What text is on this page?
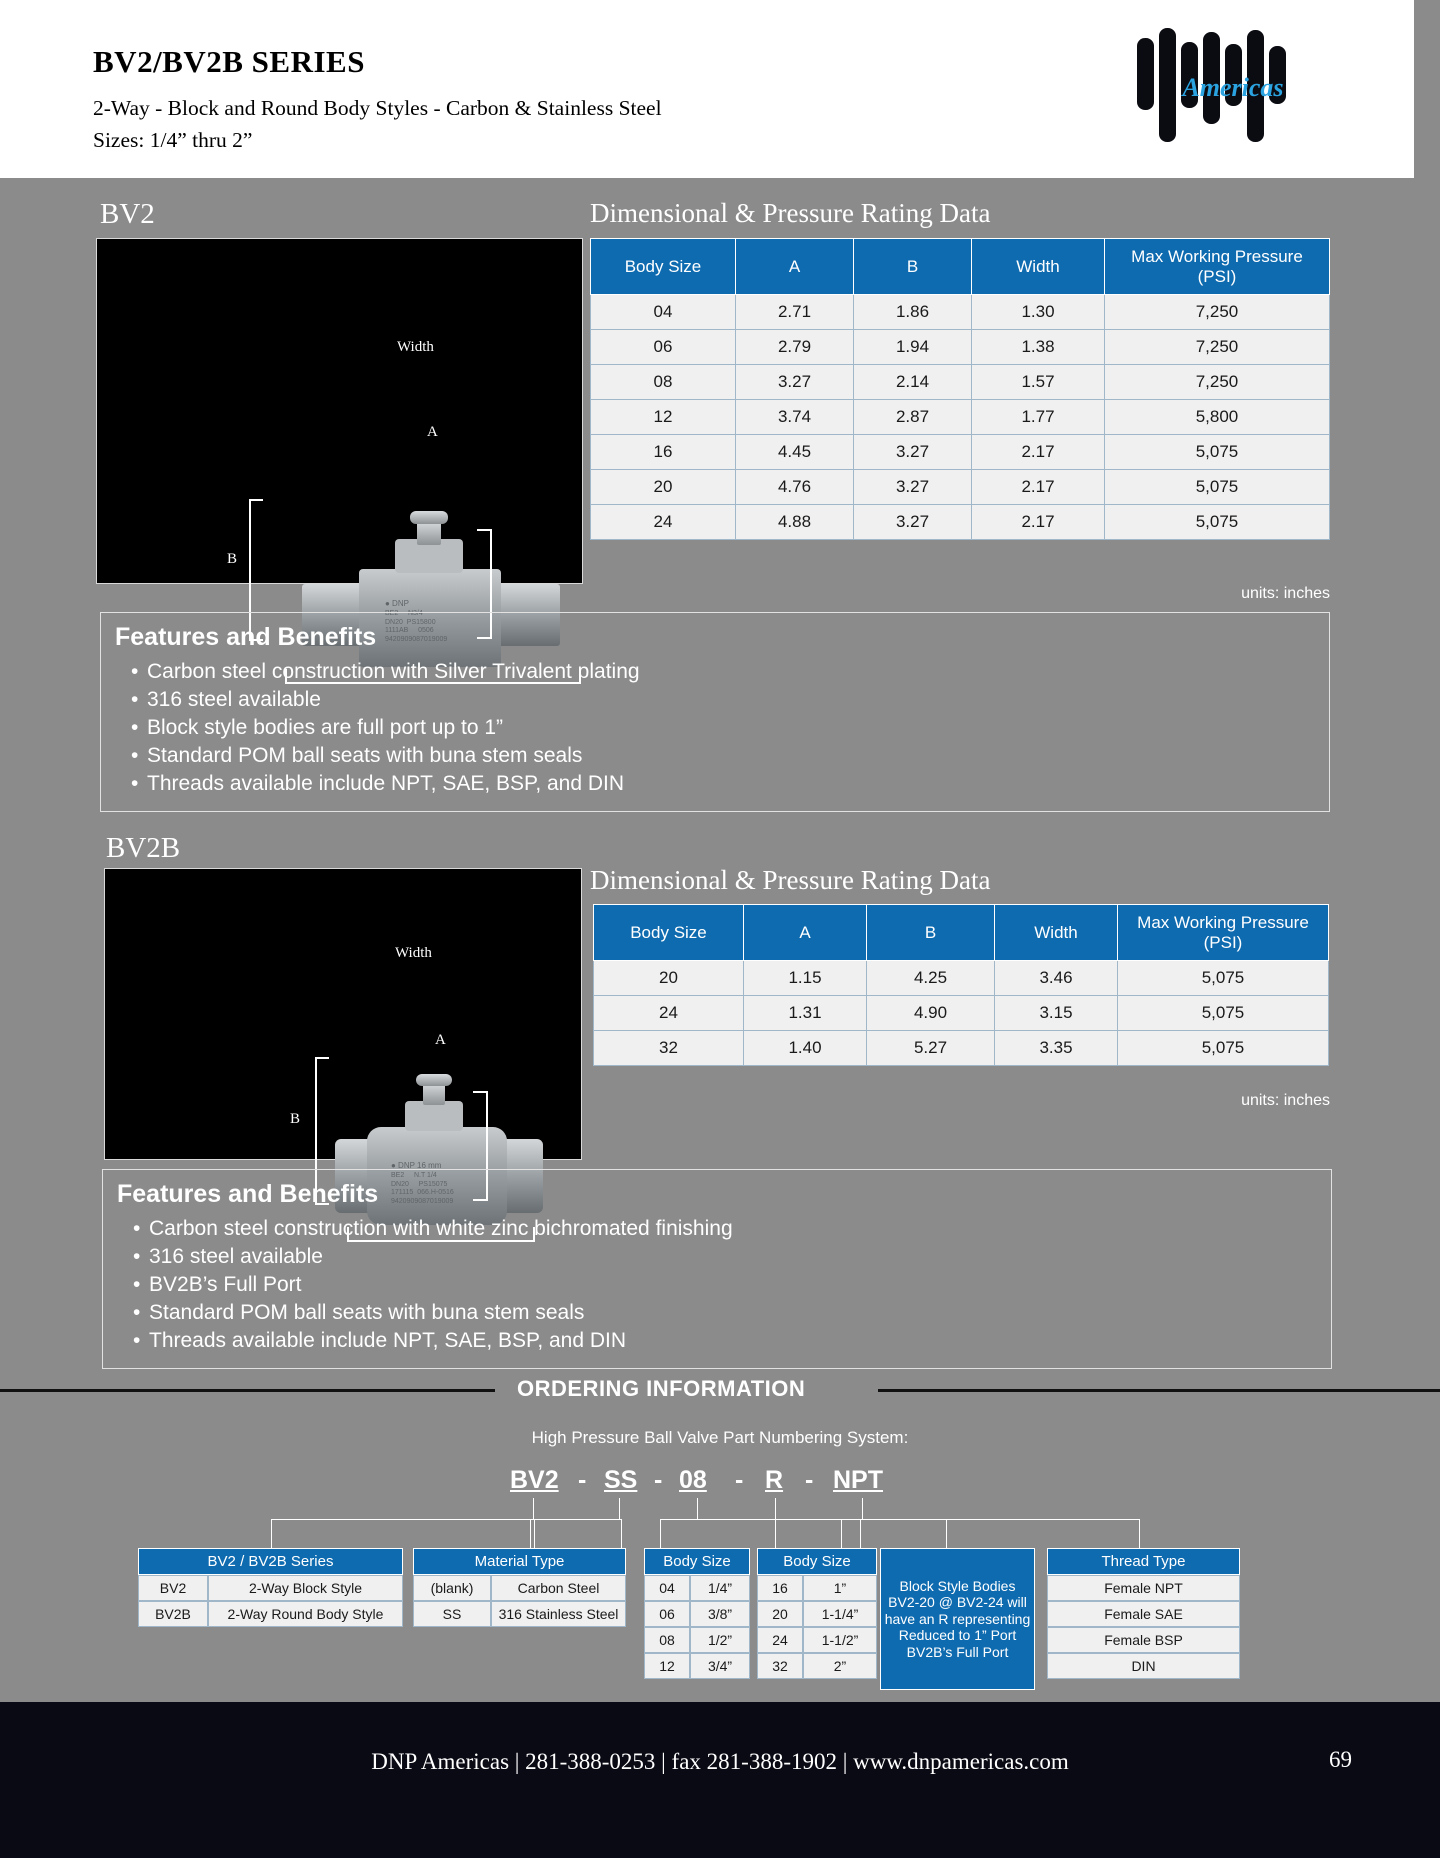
BV2/BV2B SERIES
2-Way - Block and Round Body Styles - Carbon & Stainless Steel
Sizes: 1/4” thru 2”
Americas
BV2	Dimensional & Pressure Rating Data
● DNP
BE2     N3/4
DN20  PS15800
1111AB     0506
9420909087019009
B
Width
A
Body Size	A	B	Width	Max Working Pressure (PSI)
04	2.71	1.86	1.30	7,250
06	2.79	1.94	1.38	7,250
08	3.27	2.14	1.57	7,250
12	3.74	2.87	1.77	5,800
16	4.45	3.27	2.17	5,075
20	4.76	3.27	2.17	5,075
24	4.88	3.27	2.17	5,075
units: inches
Features and Benefits
• Carbon steel construction with Silver Trivalent plating
• 316 steel available
• Block style bodies are full port up to 1”
• Standard POM ball seats with buna stem seals
• Threads available include NPT, SAE, BSP, and DIN
BV2B
Dimensional & Pressure Rating Data
● DNP 16 mm
BE2     N.T 1/4
DN20     PS15075
171115  066.H-0516
9420909087019009
B
Width
A
Body Size	A	B	Width	Max Working Pressure (PSI)
20	1.15	4.25	3.46	5,075
24	1.31	4.90	3.15	5,075
32	1.40	5.27	3.35	5,075
units: inches
Features and Benefits
• Carbon steel construction with white zinc bichromated finishing
• 316 steel available
• BV2B’s Full Port
• Standard POM ball seats with buna stem seals
• Threads available include NPT, SAE, BSP, and DIN
ORDERING INFORMATION
High Pressure Ball Valve Part Numbering System:
BV2 - SS - 08 - R - NPT
BV2 / BV2B Series
BV2	2-Way Block Style
BV2B	2-Way Round Body Style
Material Type
(blank)	Carbon Steel
SS	316 Stainless Steel
Body Size
04	1/4”
06	3/8”
08	1/2”
12	3/4”
Body Size
16	1”
20	1-1/4”
24	1-1/2”
32	2”
Block Style Bodies BV2-20 @ BV2-24 will have an R representing Reduced to 1” Port BV2B’s Full Port
Thread Type
Female NPT
Female SAE
Female BSP
DIN
DNP Americas | 281-388-0253 | fax 281-388-1902 | www.dnpamericas.com	69
